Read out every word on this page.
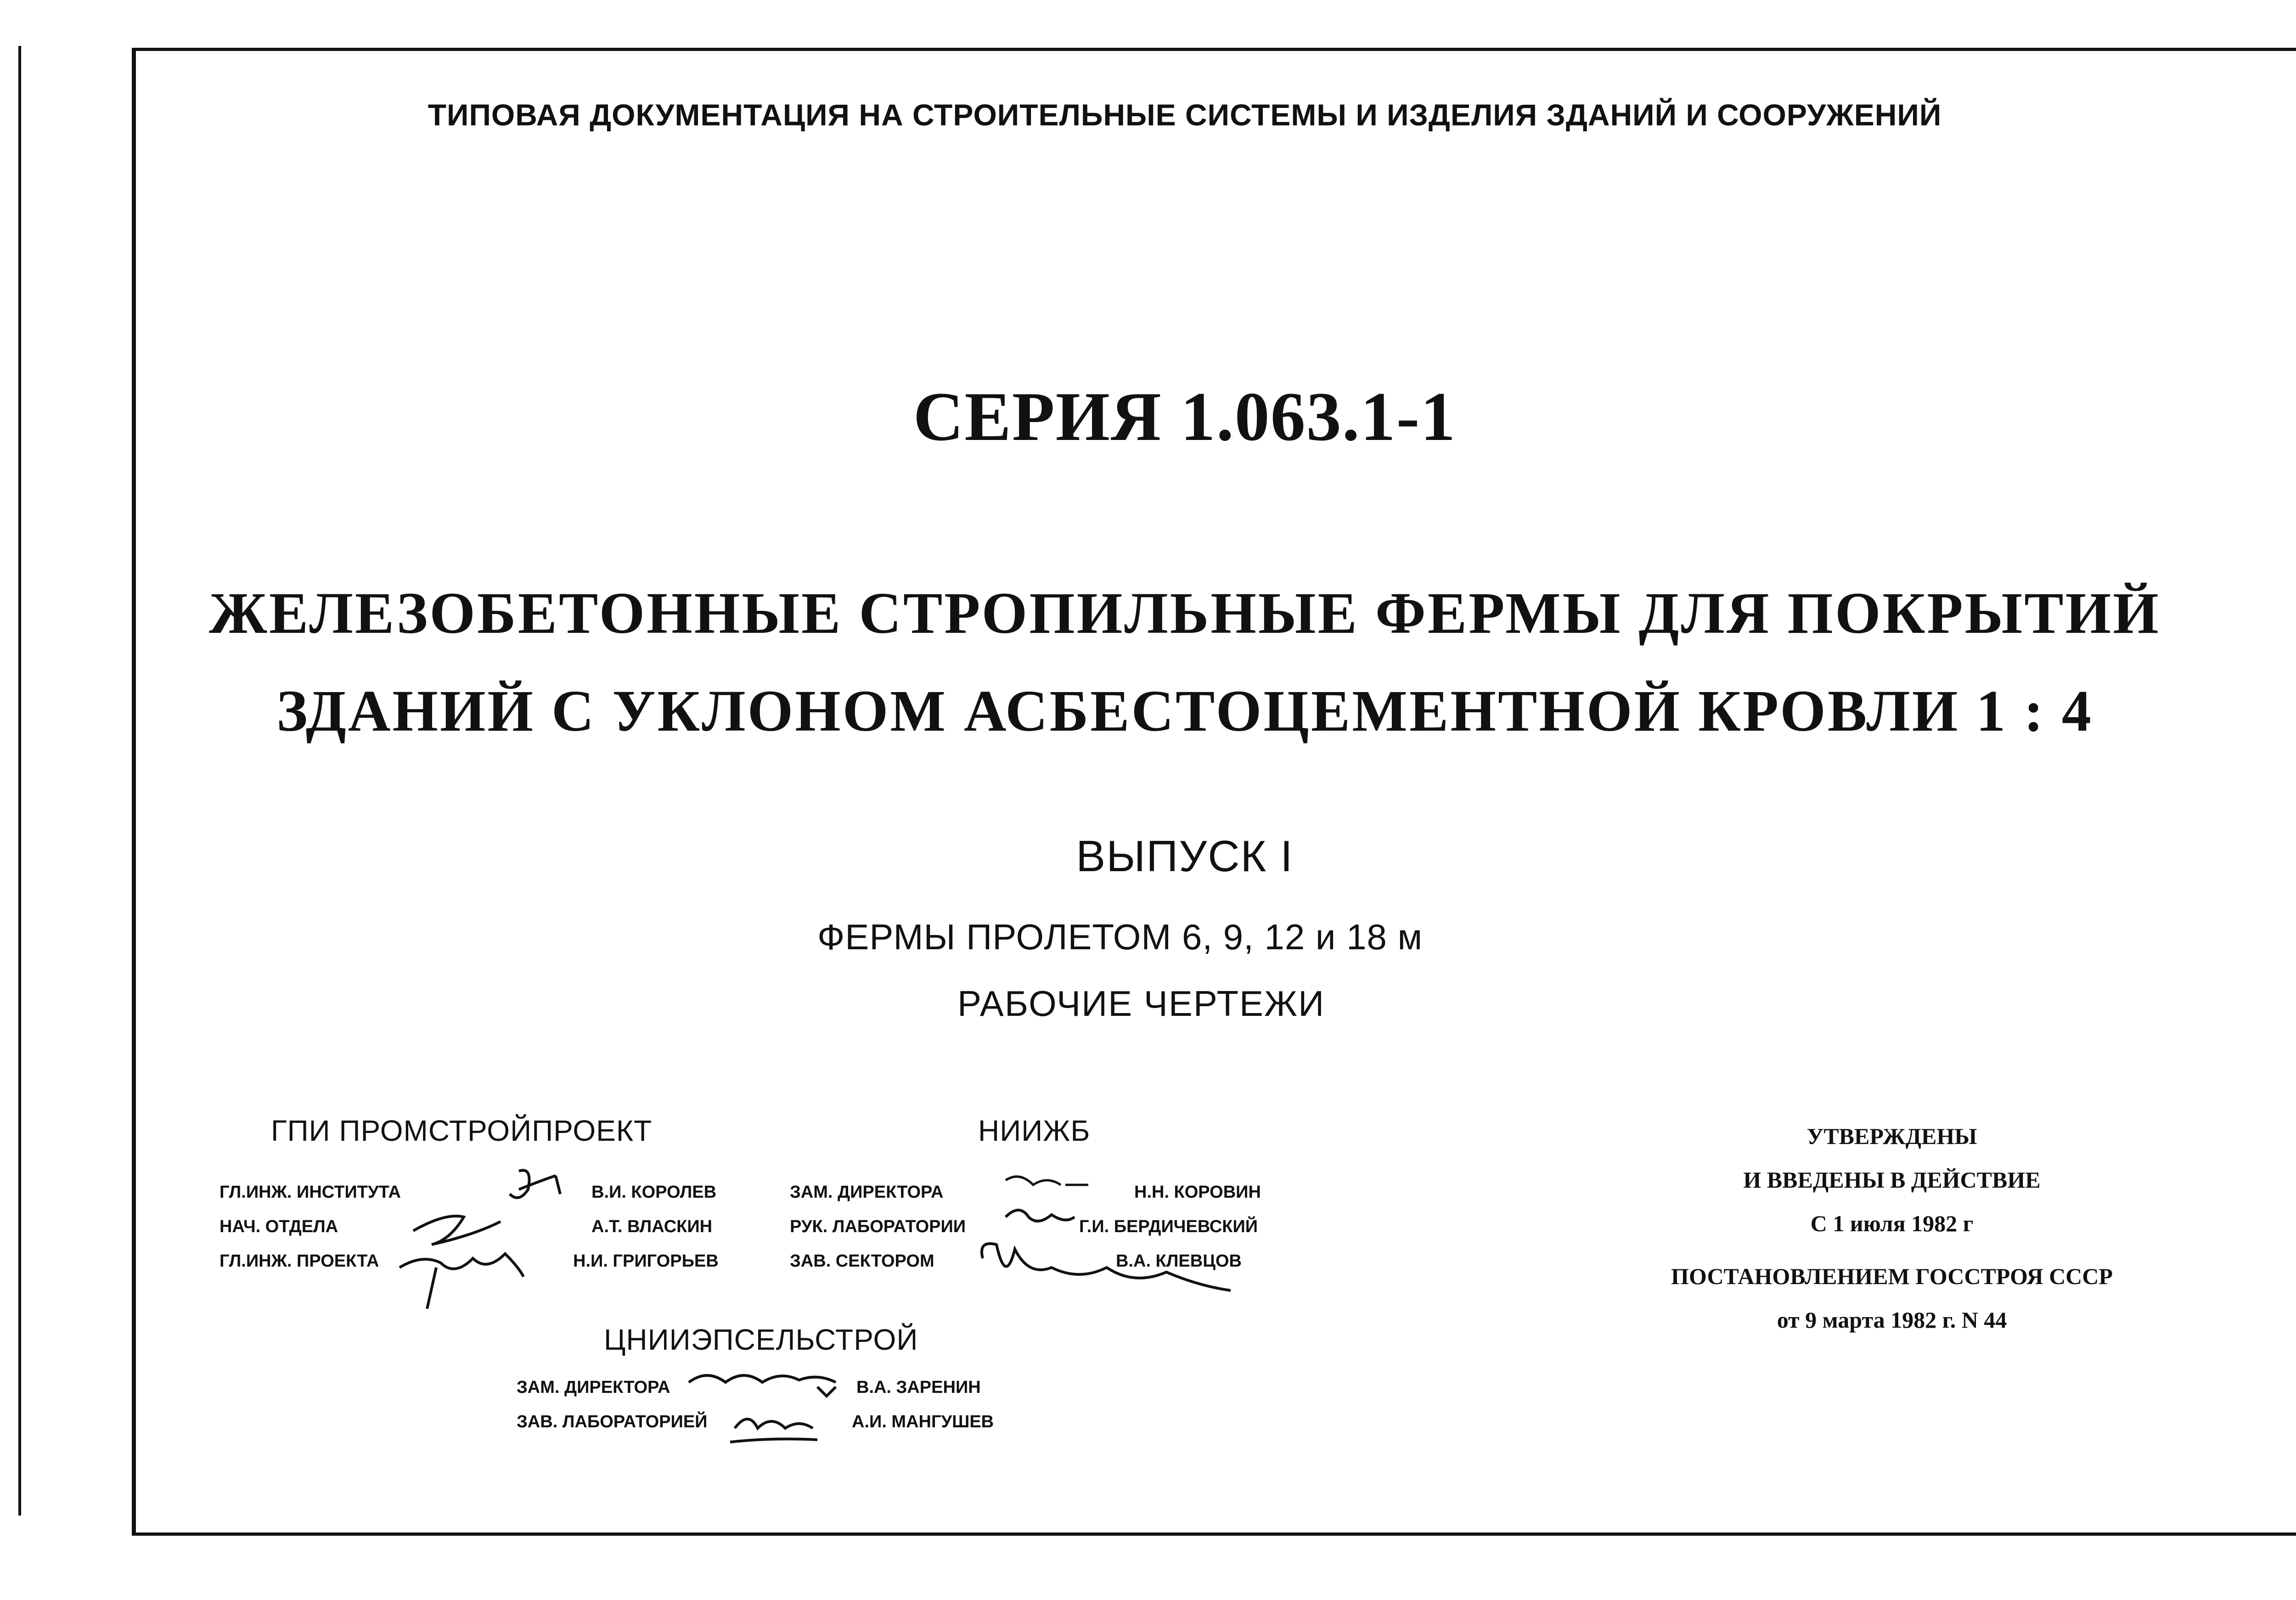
ТИПОВАЯ ДОКУМЕНТАЦИЯ НА СТРОИТЕЛЬНЫЕ СИСТЕМЫ И ИЗДЕЛИЯ ЗДАНИЙ И СООРУЖЕНИЙ
СЕРИЯ 1.063.1-1
ЖЕЛЕЗОБЕТОННЫЕ СТРОПИЛЬНЫЕ ФЕРМЫ ДЛЯ ПОКРЫТИЙ
ЗДАНИЙ С УКЛОНОМ АСБЕСТОЦЕМЕНТНОЙ КРОВЛИ 1 : 4
ВЫПУСК I
ФЕРМЫ ПРОЛЕТОМ 6, 9, 12 и 18 м
РАБОЧИЕ ЧЕРТЕЖИ
ГПИ ПРОМСТРОЙПРОЕКТ
ГЛ.ИНЖ. ИНСТИТУТА
НАЧ. ОТДЕЛА
ГЛ.ИНЖ. ПРОЕКТА
В.И. КОРОЛЕВ
А.Т. ВЛАСКИН
Н.И. ГРИГОРЬЕВ
НИИЖБ
ЗАМ. ДИРЕКТОРА
РУК. ЛАБОРАТОРИИ
ЗАВ. СЕКТОРОМ
Н.Н. КОРОВИН
Г.И. БЕРДИЧЕВСКИЙ
В.А. КЛЕВЦОВ
ЦНИИЭПСЕЛЬСТРОЙ
ЗАМ. ДИРЕКТОРА
ЗАВ. ЛАБОРАТОРИЕЙ
В.А. ЗАРЕНИН
А.И. МАНГУШЕВ
УТВЕРЖДЕНЫ
И ВВЕДЕНЫ В ДЕЙСТВИЕ
С 1 июля 1982 г
ПОСТАНОВЛЕНИЕМ ГОССТРОЯ СССР
от 9 марта 1982 г. N 44
